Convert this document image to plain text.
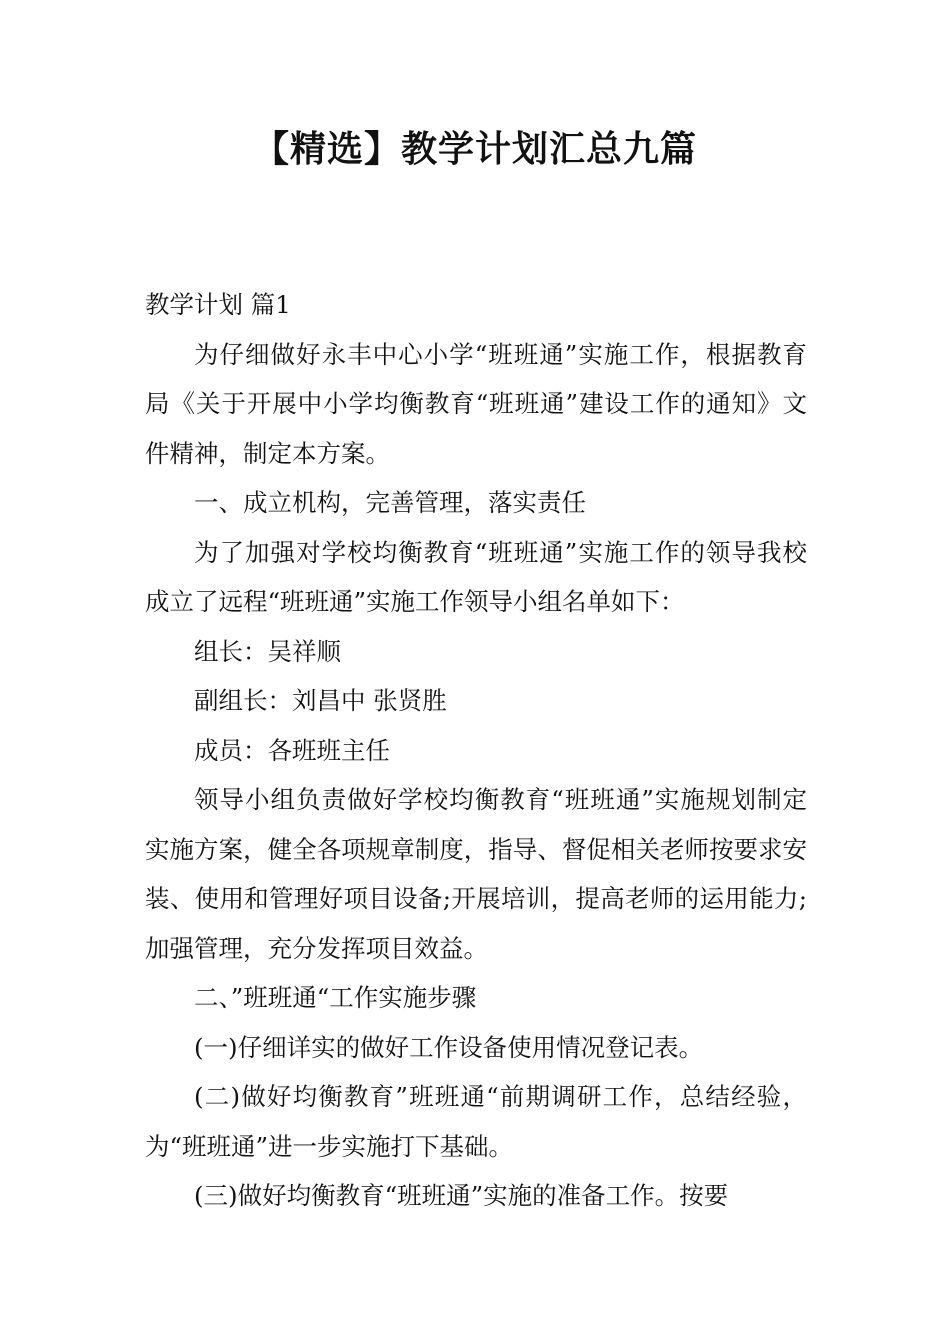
【精选】教学计划汇总九篇

教学计划 篇1

为仔细做好永丰中心小学“班班通”实施工作，根据教育局《关于开展中小学均衡教育“班班通”建设工作的通知》文件精神，制定本方案。

一、成立机构，完善管理，落实责任

为了加强对学校均衡教育“班班通”实施工作的领导我校成立了远程“班班通”实施工作领导小组名单如下：

组长：吴祥顺

副组长：刘昌中 张贤胜

成员：各班班主任

领导小组负责做好学校均衡教育“班班通”实施规划制定实施方案，健全各项规章制度，指导、督促相关老师按要求安装、使用和管理好项目设备;开展培训，提高老师的运用能力;加强管理，充分发挥项目效益。

二、”班班通“工作实施步骤

(一)仔细详实的做好工作设备使用情况登记表。

(二)做好均衡教育”班班通“前期调研工作，总结经验，为“班班通”进一步实施打下基础。

(三)做好均衡教育“班班通”实施的准备工作。按要
